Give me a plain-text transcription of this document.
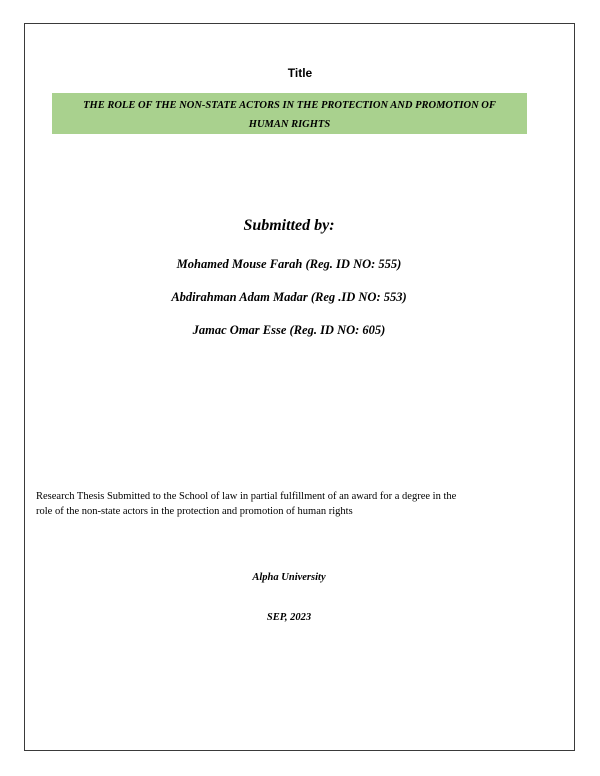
Title
THE ROLE OF THE NON-STATE ACTORS IN THE PROTECTION AND PROMOTION OF
HUMAN RIGHTS
Submitted by:
Mohamed Mouse Farah (Reg. ID NO: 555)
Abdirahman Adam Madar (Reg .ID NO: 553)
Jamac Omar Esse (Reg. ID NO: 605)
Research Thesis Submitted to the School of law in partial fulfillment of an award for a degree in the
role of the non-state actors in the protection and promotion of human rights
Alpha University
SEP, 2023
